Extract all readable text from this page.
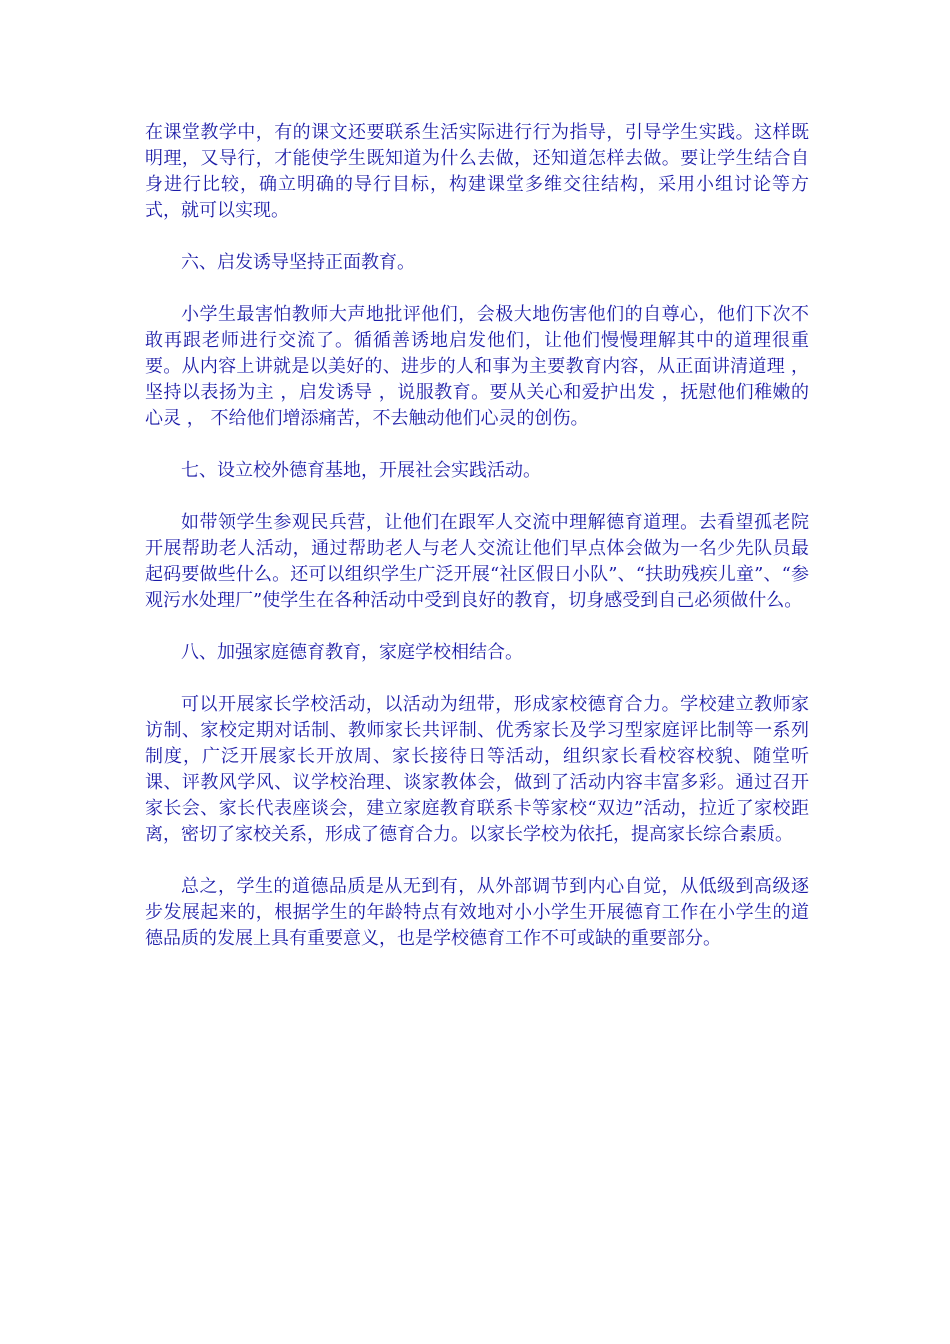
在课堂教学中，有的课文还要联系生活实际进行行为指导，引导学生实践。这样既明理，又导行，才能使学生既知道为什么去做，还知道怎样去做。要让学生结合自身进行比较，确立明确的导行目标，构建课堂多维交往结构，采用小组讨论等方式，就可以实现。

六、启发诱导坚持正面教育。

小学生最害怕教师大声地批评他们，会极大地伤害他们的自尊心，他们下次不敢再跟老师进行交流了。循循善诱地启发他们，让他们慢慢理解其中的道理很重要。从内容上讲就是以美好的、进步的人和事为主要教育内容，从正面讲清道理 ，坚持以表扬为主 ，启发诱导 ，说服教育。要从关心和爱护出发 ，抚慰他们稚嫩的心灵 ， 不给他们增添痛苦，不去触动他们心灵的创伤。

七、设立校外德育基地，开展社会实践活动。

如带领学生参观民兵营，让他们在跟军人交流中理解德育道理。去看望孤老院开展帮助老人活动，通过帮助老人与老人交流让他们早点体会做为一名少先队员最起码要做些什么。还可以组织学生广泛开展“社区假日小队”、“扶助残疾儿童”、“参观污水处理厂”使学生在各种活动中受到良好的教育，切身感受到自己必须做什么。

八、加强家庭德育教育，家庭学校相结合。

可以开展家长学校活动，以活动为纽带，形成家校德育合力。学校建立教师家访制、家校定期对话制、教师家长共评制、优秀家长及学习型家庭评比制等一系列制度，广泛开展家长开放周、家长接待日等活动，组织家长看校容校貌、随堂听课、评教风学风、议学校治理、谈家教体会，做到了活动内容丰富多彩。通过召开家长会、家长代表座谈会，建立家庭教育联系卡等家校“双边”活动，拉近了家校距离，密切了家校关系，形成了德育合力。以家长学校为依托，提高家长综合素质。

总之，学生的道德品质是从无到有，从外部调节到内心自觉，从低级到高级逐步发展起来的，根据学生的年龄特点有效地对小小学生开展德育工作在小学生的道德品质的发展上具有重要意义，也是学校德育工作不可或缺的重要部分。
